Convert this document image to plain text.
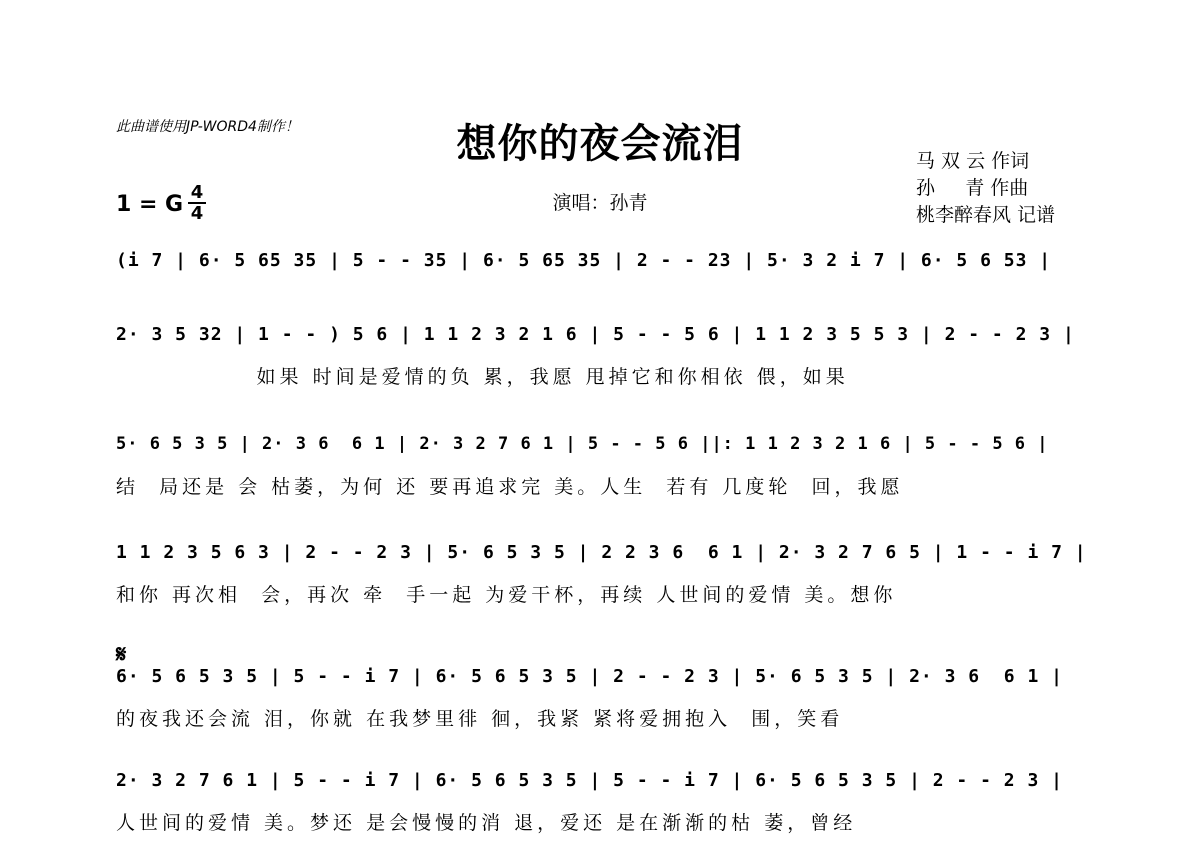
此曲谱使用JP-WORD4制作！	想你的夜会流泪
演唱：孙青
马 双 云 作词
孙     青 作曲
桃李醉春风 记谱
1 = G 4
4
(i 7 | 6· 5 65 35 | 5 - - 35 | 6· 5 65 35 | 2 - - 23 | 5· 3 2 i 7 | 6· 5 6 53 |
2· 3 5 32 | 1 - - ) 5 6 | 1 1 2 3 2 1 6 | 5 - - 5 6 | 1 1 2 3 5 5 3 | 2 - - 2 3 |
如果 时间是爱情的负 累，我愿 甩掉它和你相依 偎，如果
5· 6 5 3 5 | 2· 3 6  6 1 | 2· 3 2 7 6 1 | 5 - - 5 6 ||: 1 1 2 3 2 1 6 | 5 - - 5 6 |
结  局还是 会 枯萎，为何 还 要再追求完 美。人生  若有 几度轮  回，我愿
1 1 2 3 5 6 3 | 2 - - 2 3 | 5· 6 5 3 5 | 2 2 3 6  6 1 | 2· 3 2 7 6 5 | 1 - - i 7 |
和你 再次相  会，再次 牵  手一起 为爱干杯，再续 人世间的爱情 美。想你
𝄋
6· 5 6 5 3 5 | 5 - - i 7 | 6· 5 6 5 3 5 | 2 - - 2 3 | 5· 6 5 3 5 | 2· 3 6  6 1 |
的夜我还会流 泪，你就 在我梦里徘 徊，我紧 紧将爱拥抱入  围，笑看
2· 3 2 7 6 1 | 5 - - i 7 | 6· 5 6 5 3 5 | 5 - - i 7 | 6· 5 6 5 3 5 | 2 - - 2 3 |
人世间的爱情 美。梦还 是会慢慢的消 退，爱还 是在渐渐的枯 萎，曾经
